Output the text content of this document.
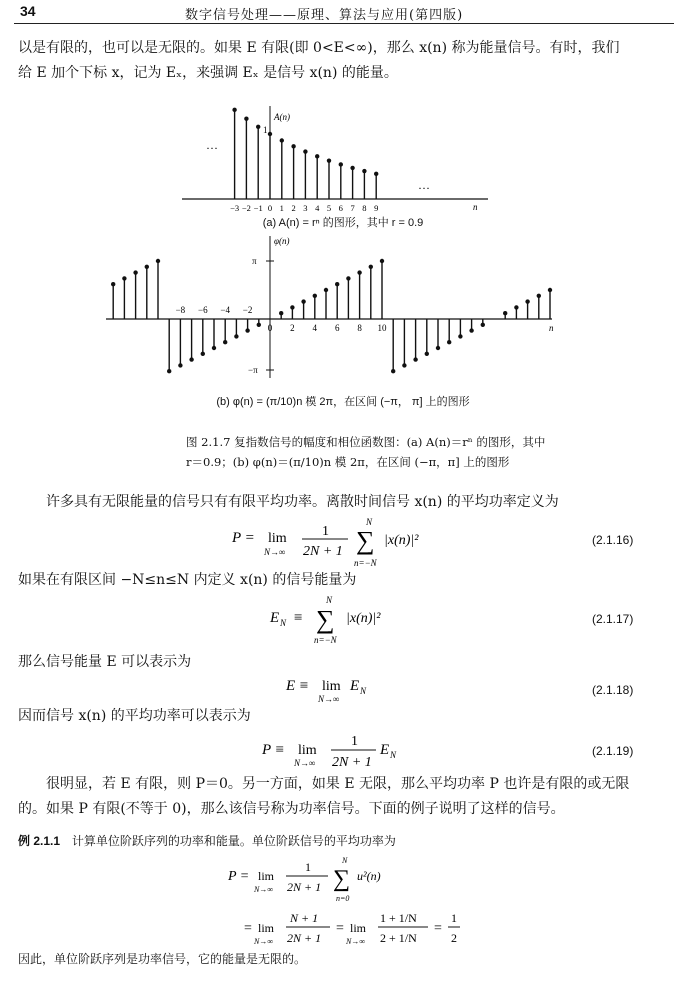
34	数字信号处理——原理、算法与应用(第四版)

以是有限的，也可以是无限的。如果 E 有限(即 0<E<∞)，那么 x(n) 称为能量信号。有时，我们

给 E 加个下标 x，记为 Eₓ，来强调 Eₓ 是信号 x(n) 的能量。

A(n)
1
n
···
···
−3 −2 −1 0 1 2 3 4 5 6 7 8 9
(a) A(n) = rⁿ 的图形，其中 r = 0.9
φ(n)
π
−π
n
−8 −6 −4 −2
0 2 4 6 8 10
(b) φ(n) = (π/10)n 模 2π，在区间 (−π， π] 上的图形
图 2.1.7 复指数信号的幅度和相位函数图：(a) A(n)＝rⁿ 的图形，其中
r＝0.9；(b) φ(n)＝(π/10)n 模 2π，在区间 (−π，π] 上的图形
许多具有无限能量的信号只有有限平均功率。离散时间信号 x(n) 的平均功率定义为
P = lim
N→∞
1
2N + 1
N
∑
n=−N
|x(n)|²	(2.1.16)
如果在有限区间 −N≤n≤N 内定义 x(n) 的信号能量为
E N ≡
N
∑
n=−N
|x(n)|²	(2.1.17)
那么信号能量 E 可以表示为
E ≡ lim
N→∞
E N	(2.1.18)
因而信号 x(n) 的平均功率可以表示为
P ≡ lim
N→∞
1
2N + 1
E N	(2.1.19)

很明显，若 E 有限，则 P＝0。另一方面，如果 E 无限，那么平均功率 P 也许是有限的或无限

的。如果 P 有限(不等于 0)，那么该信号称为功率信号。下面的例子说明了这样的信号。

例 2.1.1 计算单位阶跃序列的功率和能量。单位阶跃信号的平均功率为
P = lim
N→∞
1
2N + 1
N
∑
n=0
u²(n)
= lim
N→∞
N + 1
2N + 1
= lim
N→∞
1 + 1/N
2 + 1/N
=
1
2
因此，单位阶跃序列是功率信号，它的能量是无限的。
